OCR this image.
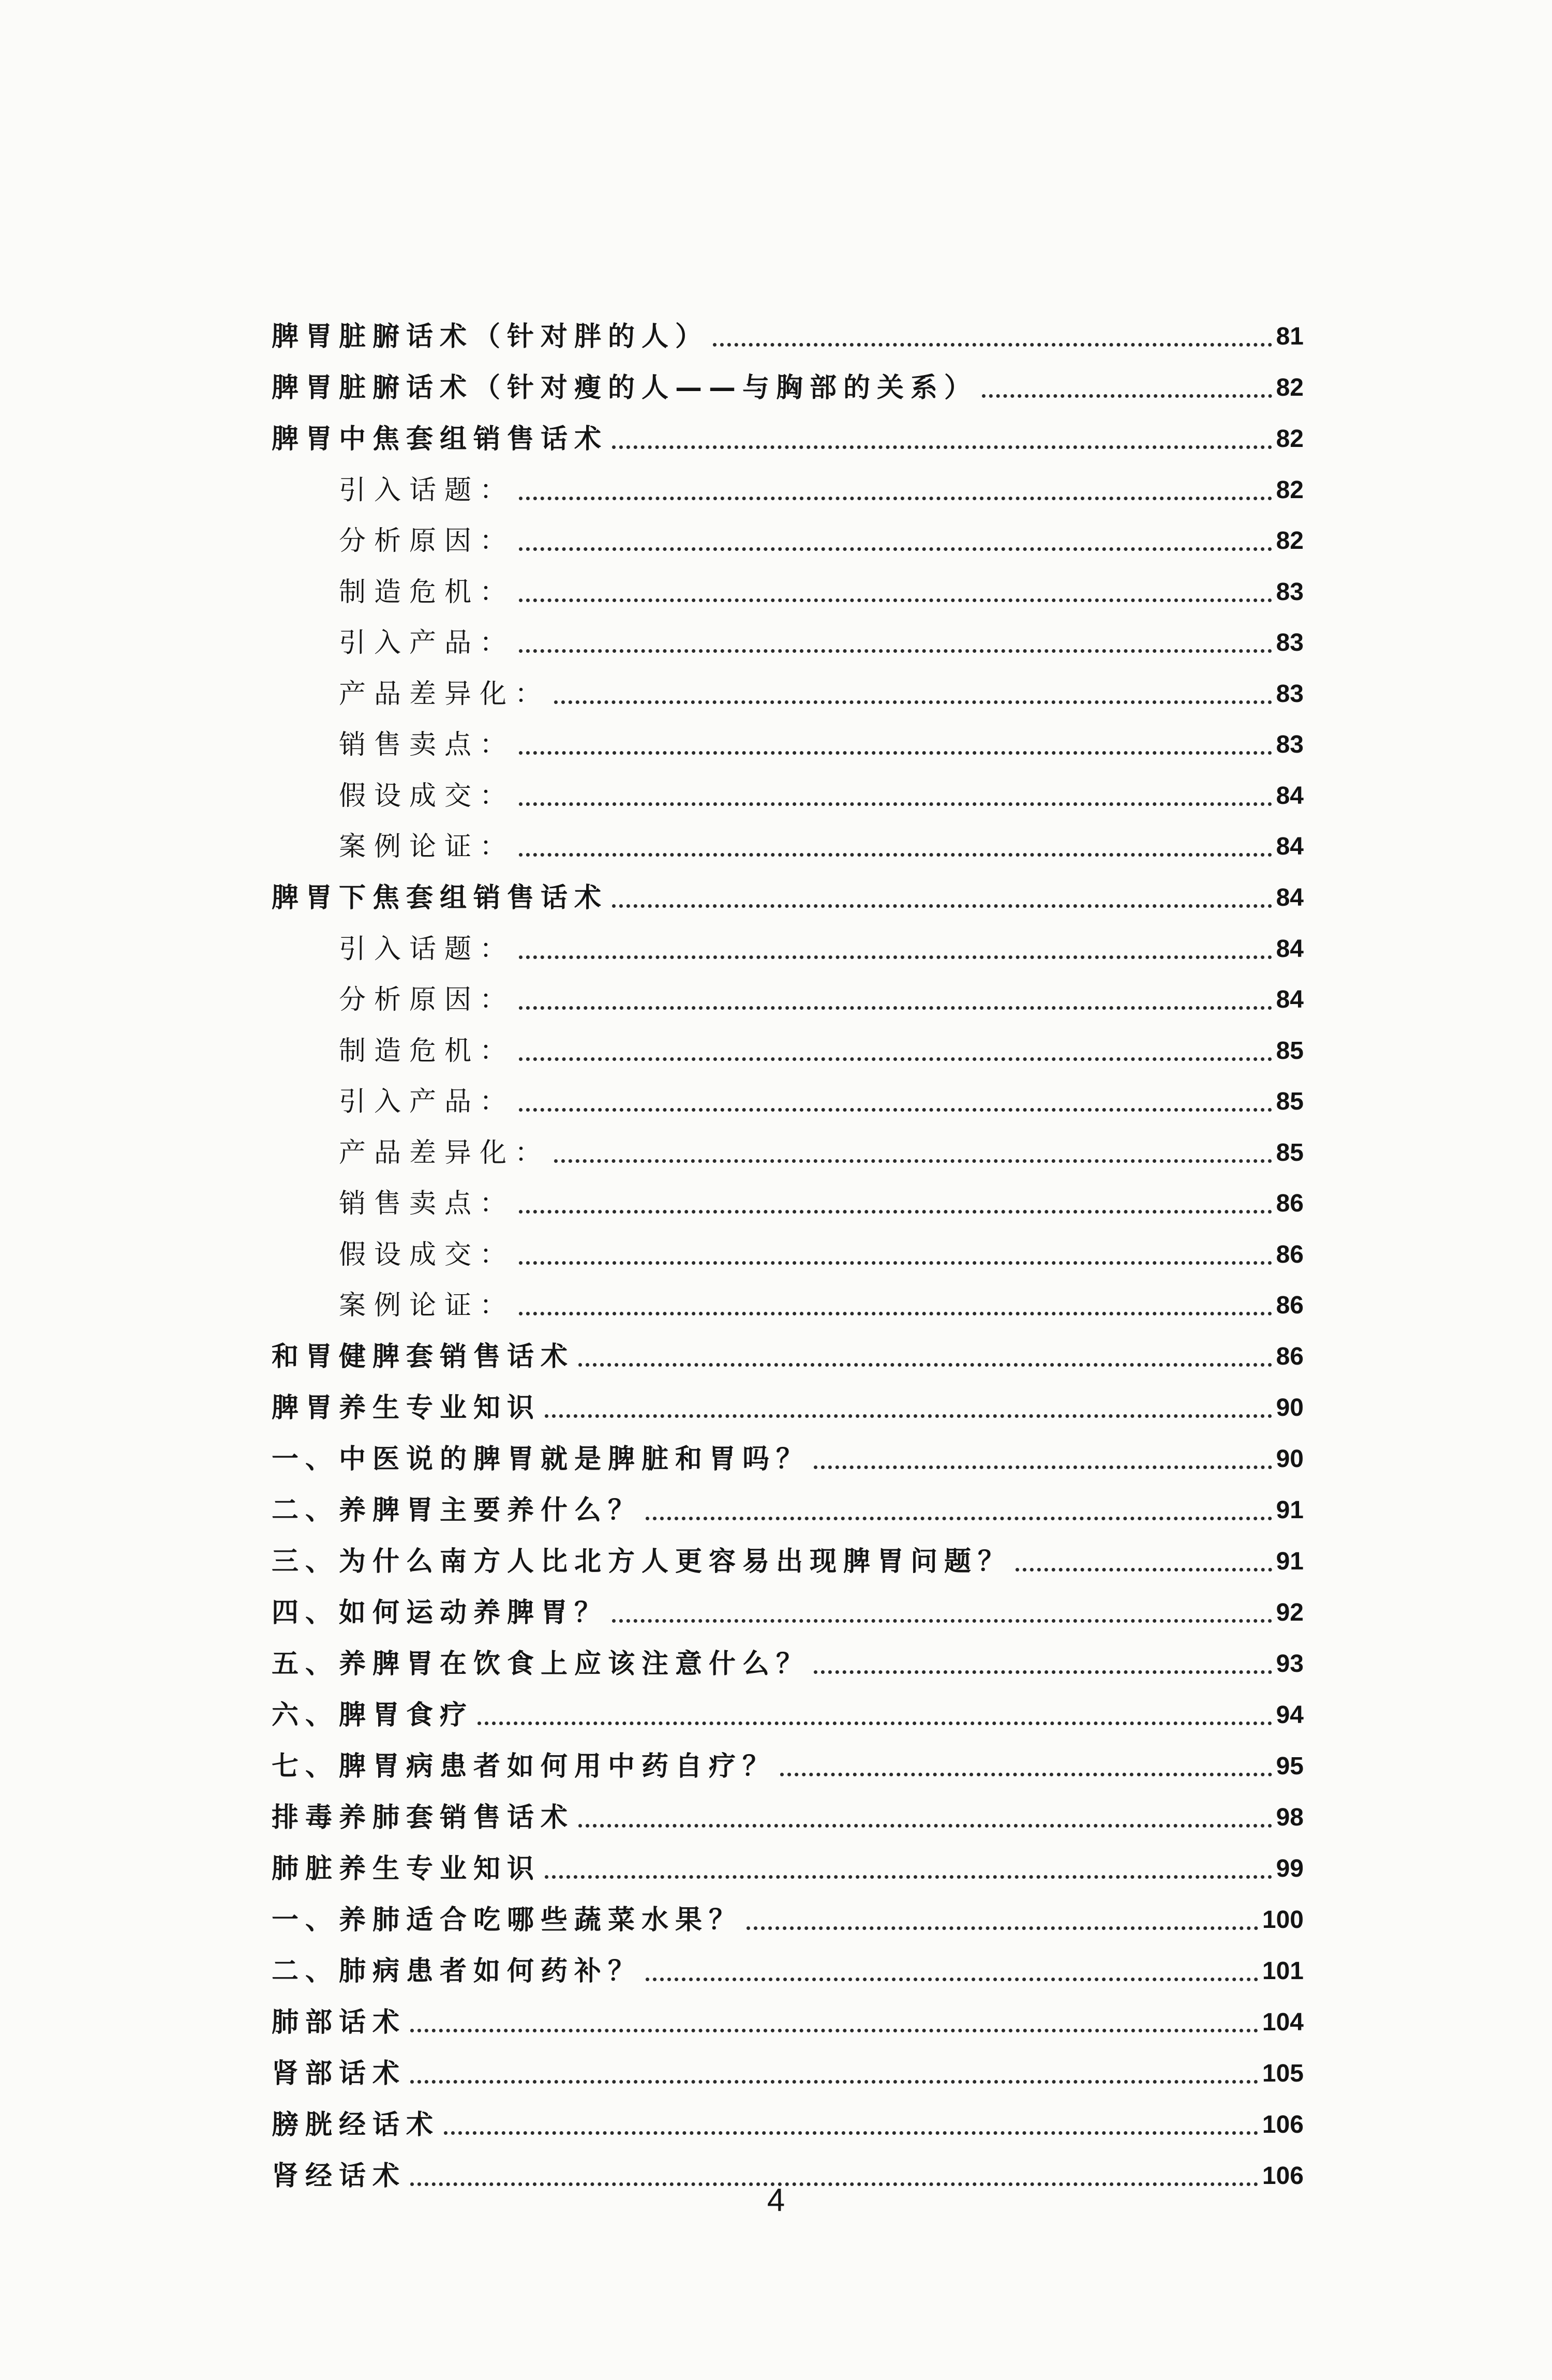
脾胃脏腑话术（针对胖的人）	81
脾胃脏腑话术（针对瘦的人——与胸部的关系）	82
脾胃中焦套组销售话术	82
引入话题：	82
分析原因：	82
制造危机：	83
引入产品：	83
产品差异化：	83
销售卖点：	83
假设成交：	84
案例论证：	84
脾胃下焦套组销售话术	84
引入话题：	84
分析原因：	84
制造危机：	85
引入产品：	85
产品差异化：	85
销售卖点：	86
假设成交：	86
案例论证：	86
和胃健脾套销售话术	86
脾胃养生专业知识	90
一、中医说的脾胃就是脾脏和胃吗？	90
二、养脾胃主要养什么？	91
三、为什么南方人比北方人更容易出现脾胃问题？	91
四、如何运动养脾胃？	92
五、养脾胃在饮食上应该注意什么？	93
六、脾胃食疗	94
七、脾胃病患者如何用中药自疗？	95
排毒养肺套销售话术	98
肺脏养生专业知识	99
一、养肺适合吃哪些蔬菜水果？	100
二、肺病患者如何药补？	101
肺部话术	104
肾部话术	105
膀胱经话术	106
肾经话术	106
4
